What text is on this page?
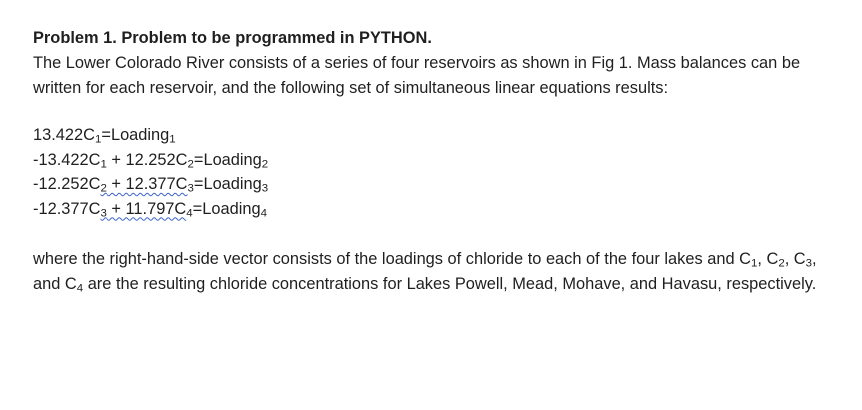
Problem 1. Problem to be programmed in PYTHON.

The Lower Colorado River consists of a series of four reservoirs as shown in Fig 1. Mass balances can be written for each reservoir, and the following set of simultaneous linear equations results:

$13.422C_1=Loading_1$
$-13.422C_1$ + $12.252C_2=Loading_2$
$-12.252C_2$ + $12.377C_3=Loading_3$
$-12.377C_3$ + $11.797C_4=Loading_4$

where the right-hand-side vector consists of the loadings of chloride to each of the four lakes and $C_1$, $C_2$, $C_3$, and $C_4$ are the resulting chloride concentrations for Lakes Powell, Mead, Mohave, and Havasu, respectively.
